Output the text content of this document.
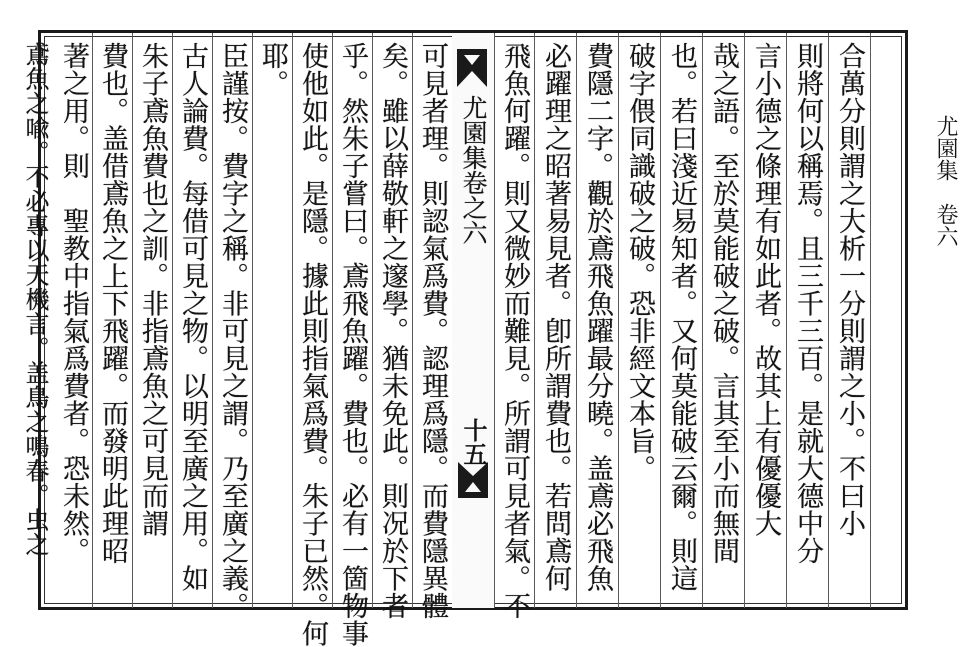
尤園集　卷六
合萬分則謂之大析一分則謂之小。不曰小
則將何以稱焉。且三千三百。是就大德中分
言小德之條理有如此者。故其上有優優大
哉之語。至於莫能破之破。言其至小而無間
也。若曰淺近易知者。又何莫能破云爾。則這
破字偎同識破之破。恐非經文本旨。
費隱二字。觀於鳶飛魚躍最分曉。盖鳶必飛魚
必躍理之昭著易見者。卽所謂費也。若問鳶何
飛魚何躍。則又微妙而難見。所謂可見者氣。不
尤園集卷之六
十五
可見者理。則認氣爲費。認理爲隱。而費隱異體
矣。雖以薛敬軒之邃學。猶未免此。則况於下者
乎。然朱子嘗曰。鳶飛魚躍。費也。必有一箇物事
使他如此。是隱。據此則指氣爲費。朱子已然。何
耶。
臣謹按。費字之稱。非可見之謂。乃至廣之義。
古人論費。每借可見之物。以明至廣之用。如
朱子鳶魚費也之訓。非指鳶魚之可見而謂
費也。盖借鳶魚之上下飛躍。而發明此理昭
著之用。則　聖教中指氣爲費者。恐未然。
鳶魚之喩。不必專以天機言。盖鳥之鳴春。虫之
